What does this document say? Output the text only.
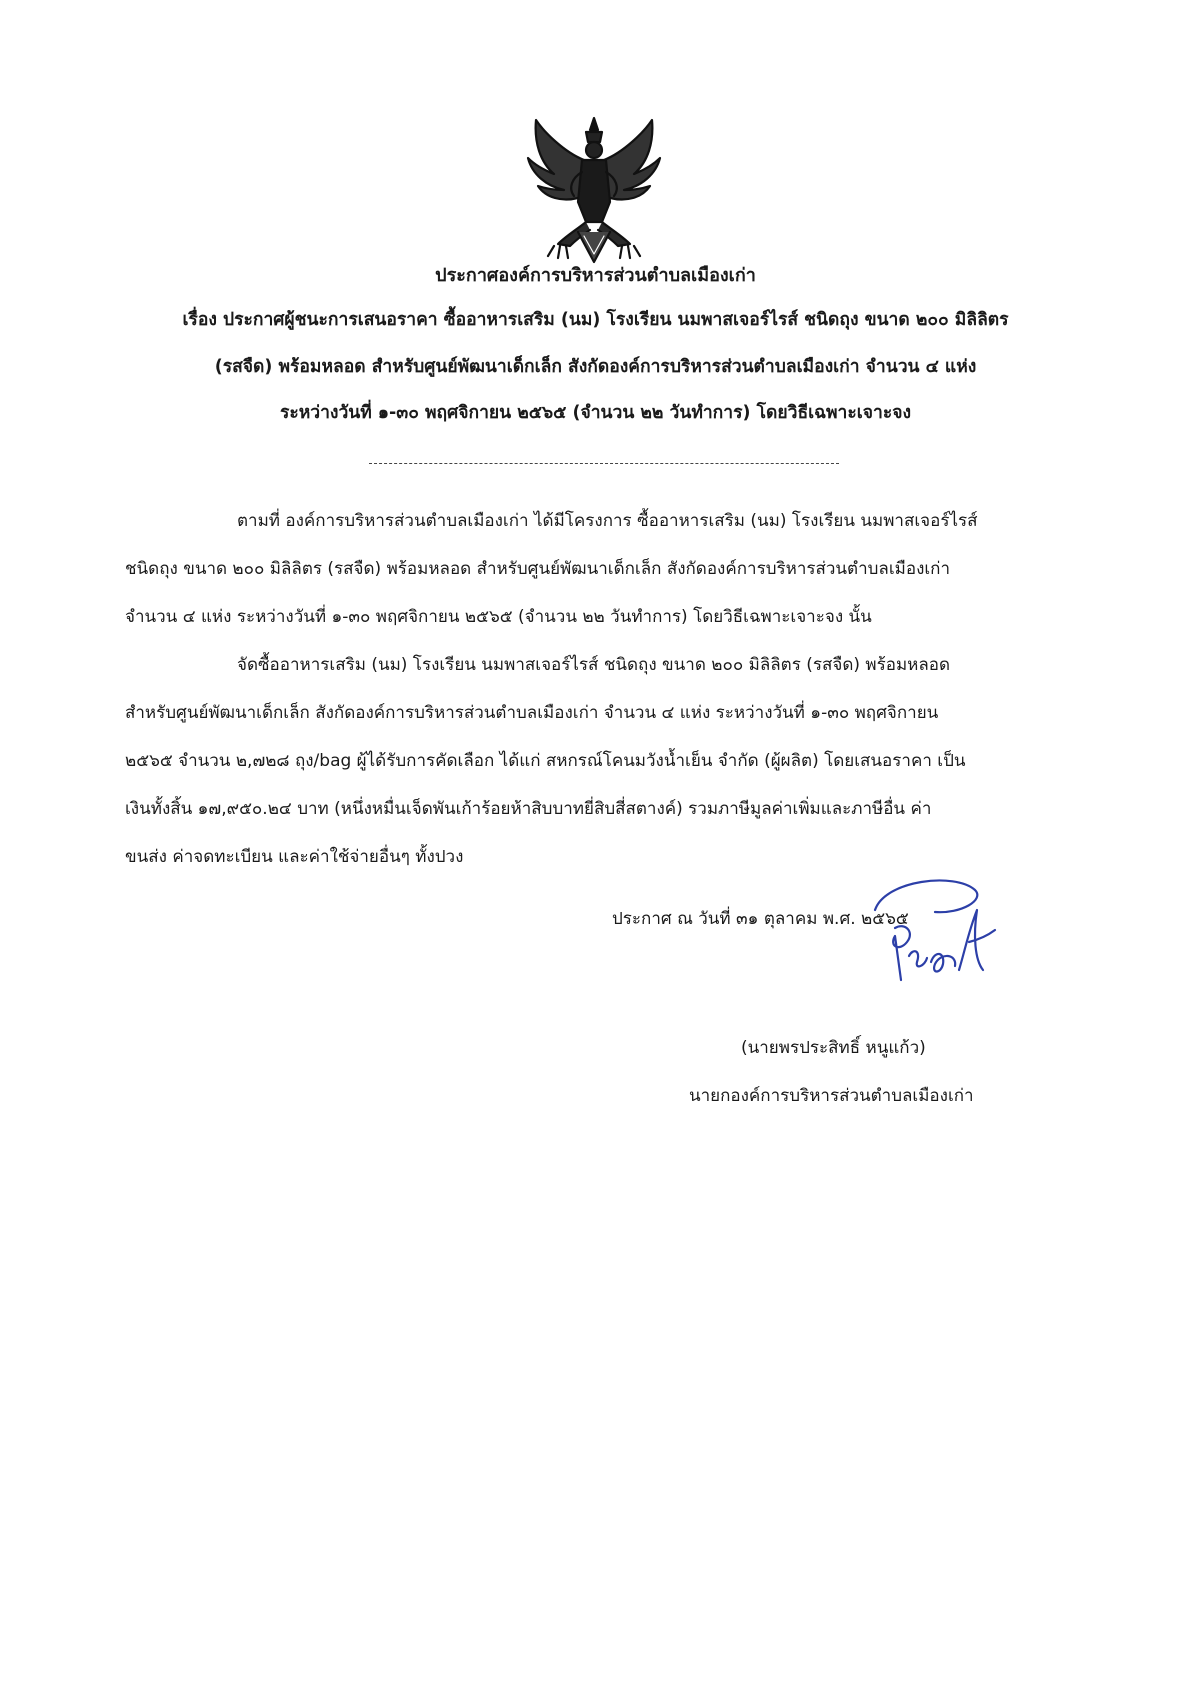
ประกาศองค์การบริหารส่วนตำบลเมืองเก่า
เรื่อง ประกาศผู้ชนะการเสนอราคา ซื้ออาหารเสริม (นม) โรงเรียน นมพาสเจอร์ไรส์ ชนิดถุง ขนาด ๒๐๐ มิลิลิตร
(รสจืด) พร้อมหลอด สำหรับศูนย์พัฒนาเด็กเล็ก สังกัดองค์การบริหารส่วนตำบลเมืองเก่า จำนวน ๔ แห่ง
ระหว่างวันที่ ๑-๓๐ พฤศจิกายน ๒๕๖๕ (จำนวน ๒๒ วันทำการ) โดยวิธีเฉพาะเจาะจง
ตามที่ องค์การบริหารส่วนตำบลเมืองเก่า ได้มีโครงการ ซื้ออาหารเสริม (นม) โรงเรียน นมพาสเจอร์ไรส์
ชนิดถุง ขนาด ๒๐๐ มิลิลิตร (รสจืด) พร้อมหลอด สำหรับศูนย์พัฒนาเด็กเล็ก สังกัดองค์การบริหารส่วนตำบลเมืองเก่า
จำนวน ๔ แห่ง ระหว่างวันที่ ๑-๓๐ พฤศจิกายน ๒๕๖๕ (จำนวน ๒๒ วันทำการ) โดยวิธีเฉพาะเจาะจง นั้น
จัดซื้ออาหารเสริม (นม) โรงเรียน นมพาสเจอร์ไรส์ ชนิดถุง ขนาด ๒๐๐ มิลิลิตร (รสจืด) พร้อมหลอด
สำหรับศูนย์พัฒนาเด็กเล็ก สังกัดองค์การบริหารส่วนตำบลเมืองเก่า จำนวน ๔ แห่ง ระหว่างวันที่ ๑-๓๐ พฤศจิกายน
๒๕๖๕ จำนวน ๒,๗๒๘ ถุง/bag ผู้ได้รับการคัดเลือก ได้แก่ สหกรณ์โคนมวังน้ำเย็น จำกัด (ผู้ผลิต) โดยเสนอราคา เป็น
เงินทั้งสิ้น ๑๗,๙๕๐.๒๔ บาท (หนึ่งหมื่นเจ็ดพันเก้าร้อยห้าสิบบาทยี่สิบสี่สตางค์) รวมภาษีมูลค่าเพิ่มและภาษีอื่น ค่า
ขนส่ง ค่าจดทะเบียน และค่าใช้จ่ายอื่นๆ ทั้งปวง
ประกาศ ณ วันที่ ๓๑ ตุลาคม พ.ศ. ๒๕๖๕
(นายพรประสิทธิ์ หนูแก้ว)
นายกองค์การบริหารส่วนตำบลเมืองเก่า
